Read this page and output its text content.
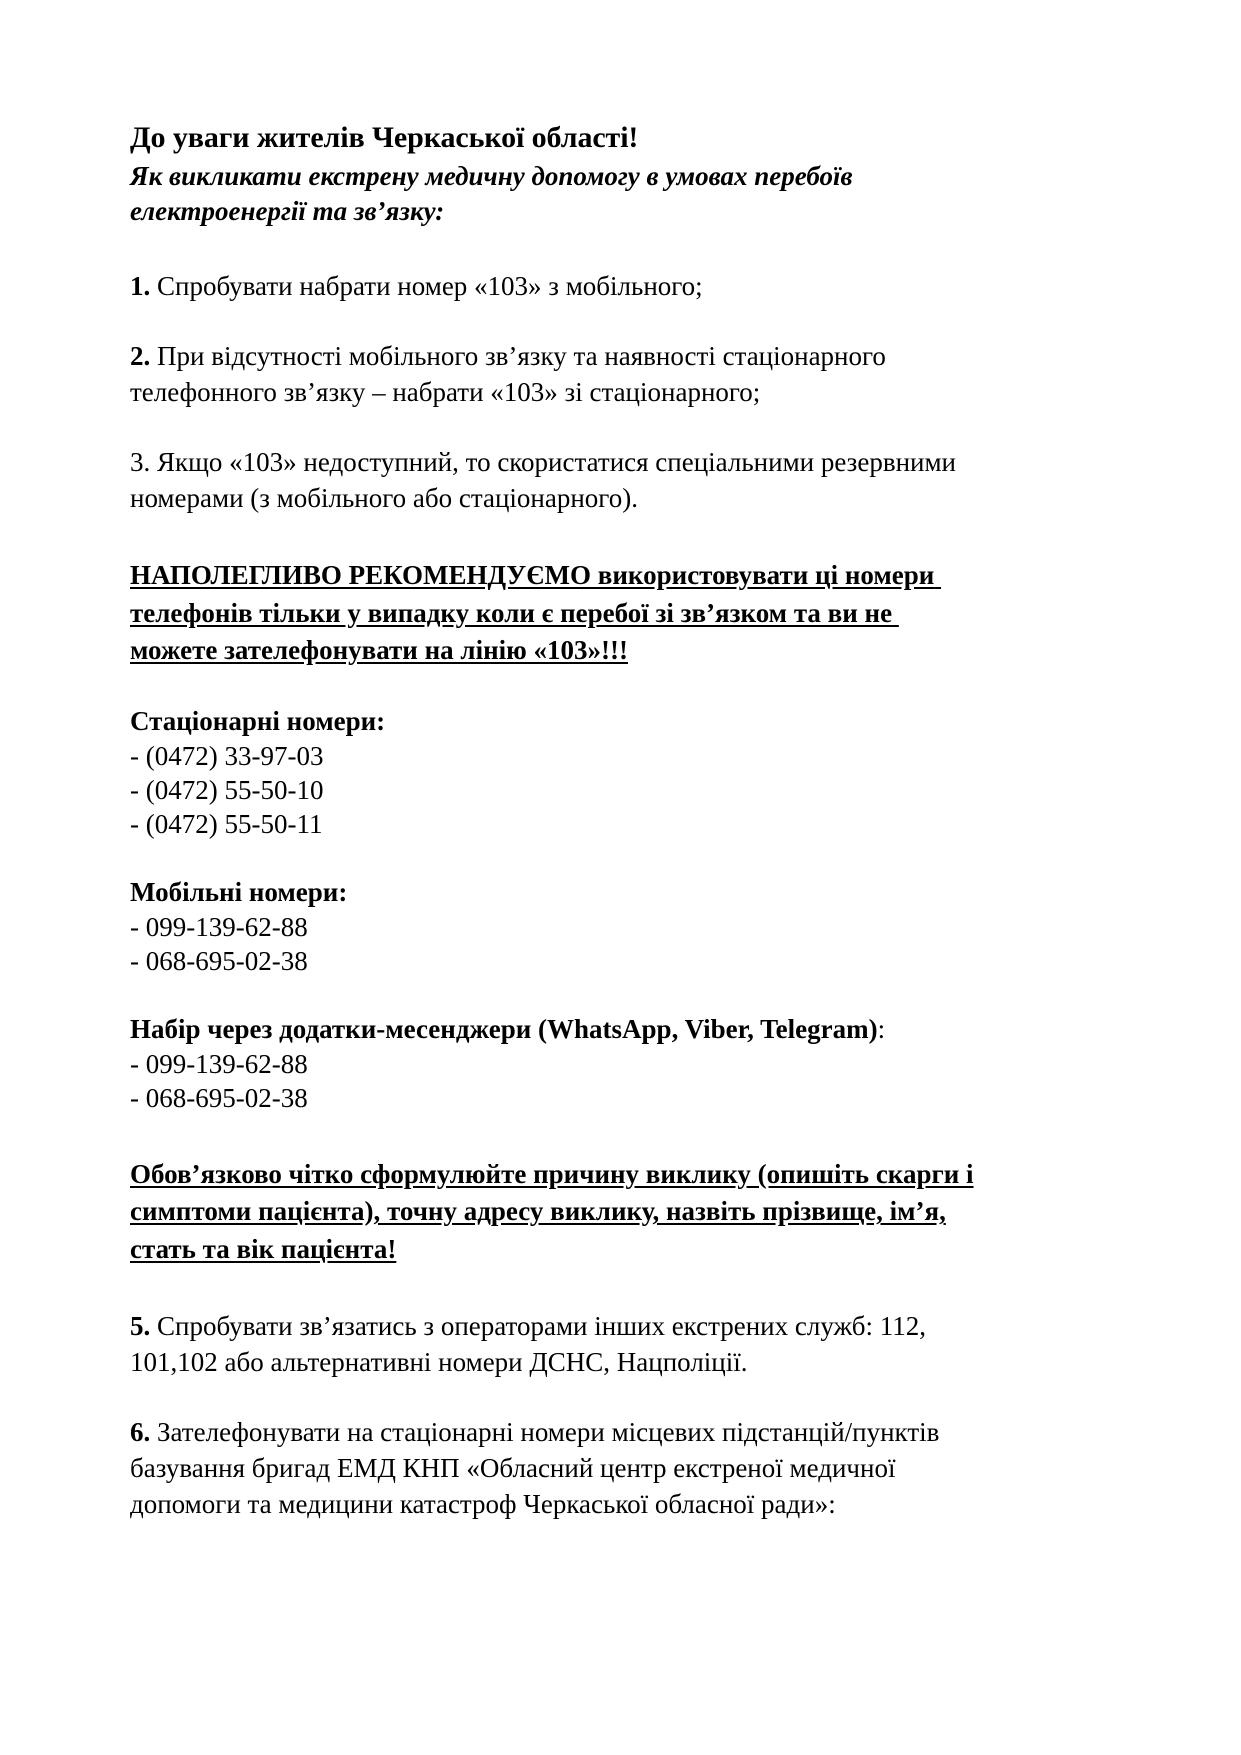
До уваги жителів Черкаської області!
Як викликати екстрену медичну допомогу в умовах перебоїв електроенергії та зв’язку:

1. Спробувати набрати номер «103» з мобільного;

2. При відсутності мобільного зв’язку та наявності стаціонарного телефонного зв’язку – набрати «103» зі стаціонарного;

3. Якщо «103» недоступний, то скористатися спеціальними резервними номерами (з мобільного або стаціонарного).

НАПОЛЕГЛИВО РЕКОМЕНДУЄМО використовувати ці номери телефонів тільки у випадку коли є перебої зі зв’язком та ви не можете зателефонувати на лінію «103»!!!

Стаціонарні номери:

- (0472) 33-97-03

- (0472) 55-50-10

- (0472) 55-50-11

Мобільні номери:

- 099-139-62-88

- 068-695-02-38

Набір через додатки-месенджери (WhatsApp, Viber, Telegram):

- 099-139-62-88

- 068-695-02-38

Обов’язково чітко сформулюйте причину виклику (опишіть скарги і симптоми пацієнта), точну адресу виклику, назвіть прізвище, ім’я, стать та вік пацієнта!

5. Спробувати зв’язатись з операторами інших екстрених служб: 112, 101,102 або альтернативні номери ДСНС, Нацполіції.

6. Зателефонувати на стаціонарні номери місцевих підстанцій/пунктів базування бригад ЕМД КНП «Обласний центр екстреної медичної допомоги та медицини катастроф Черкаської обласної ради»:
